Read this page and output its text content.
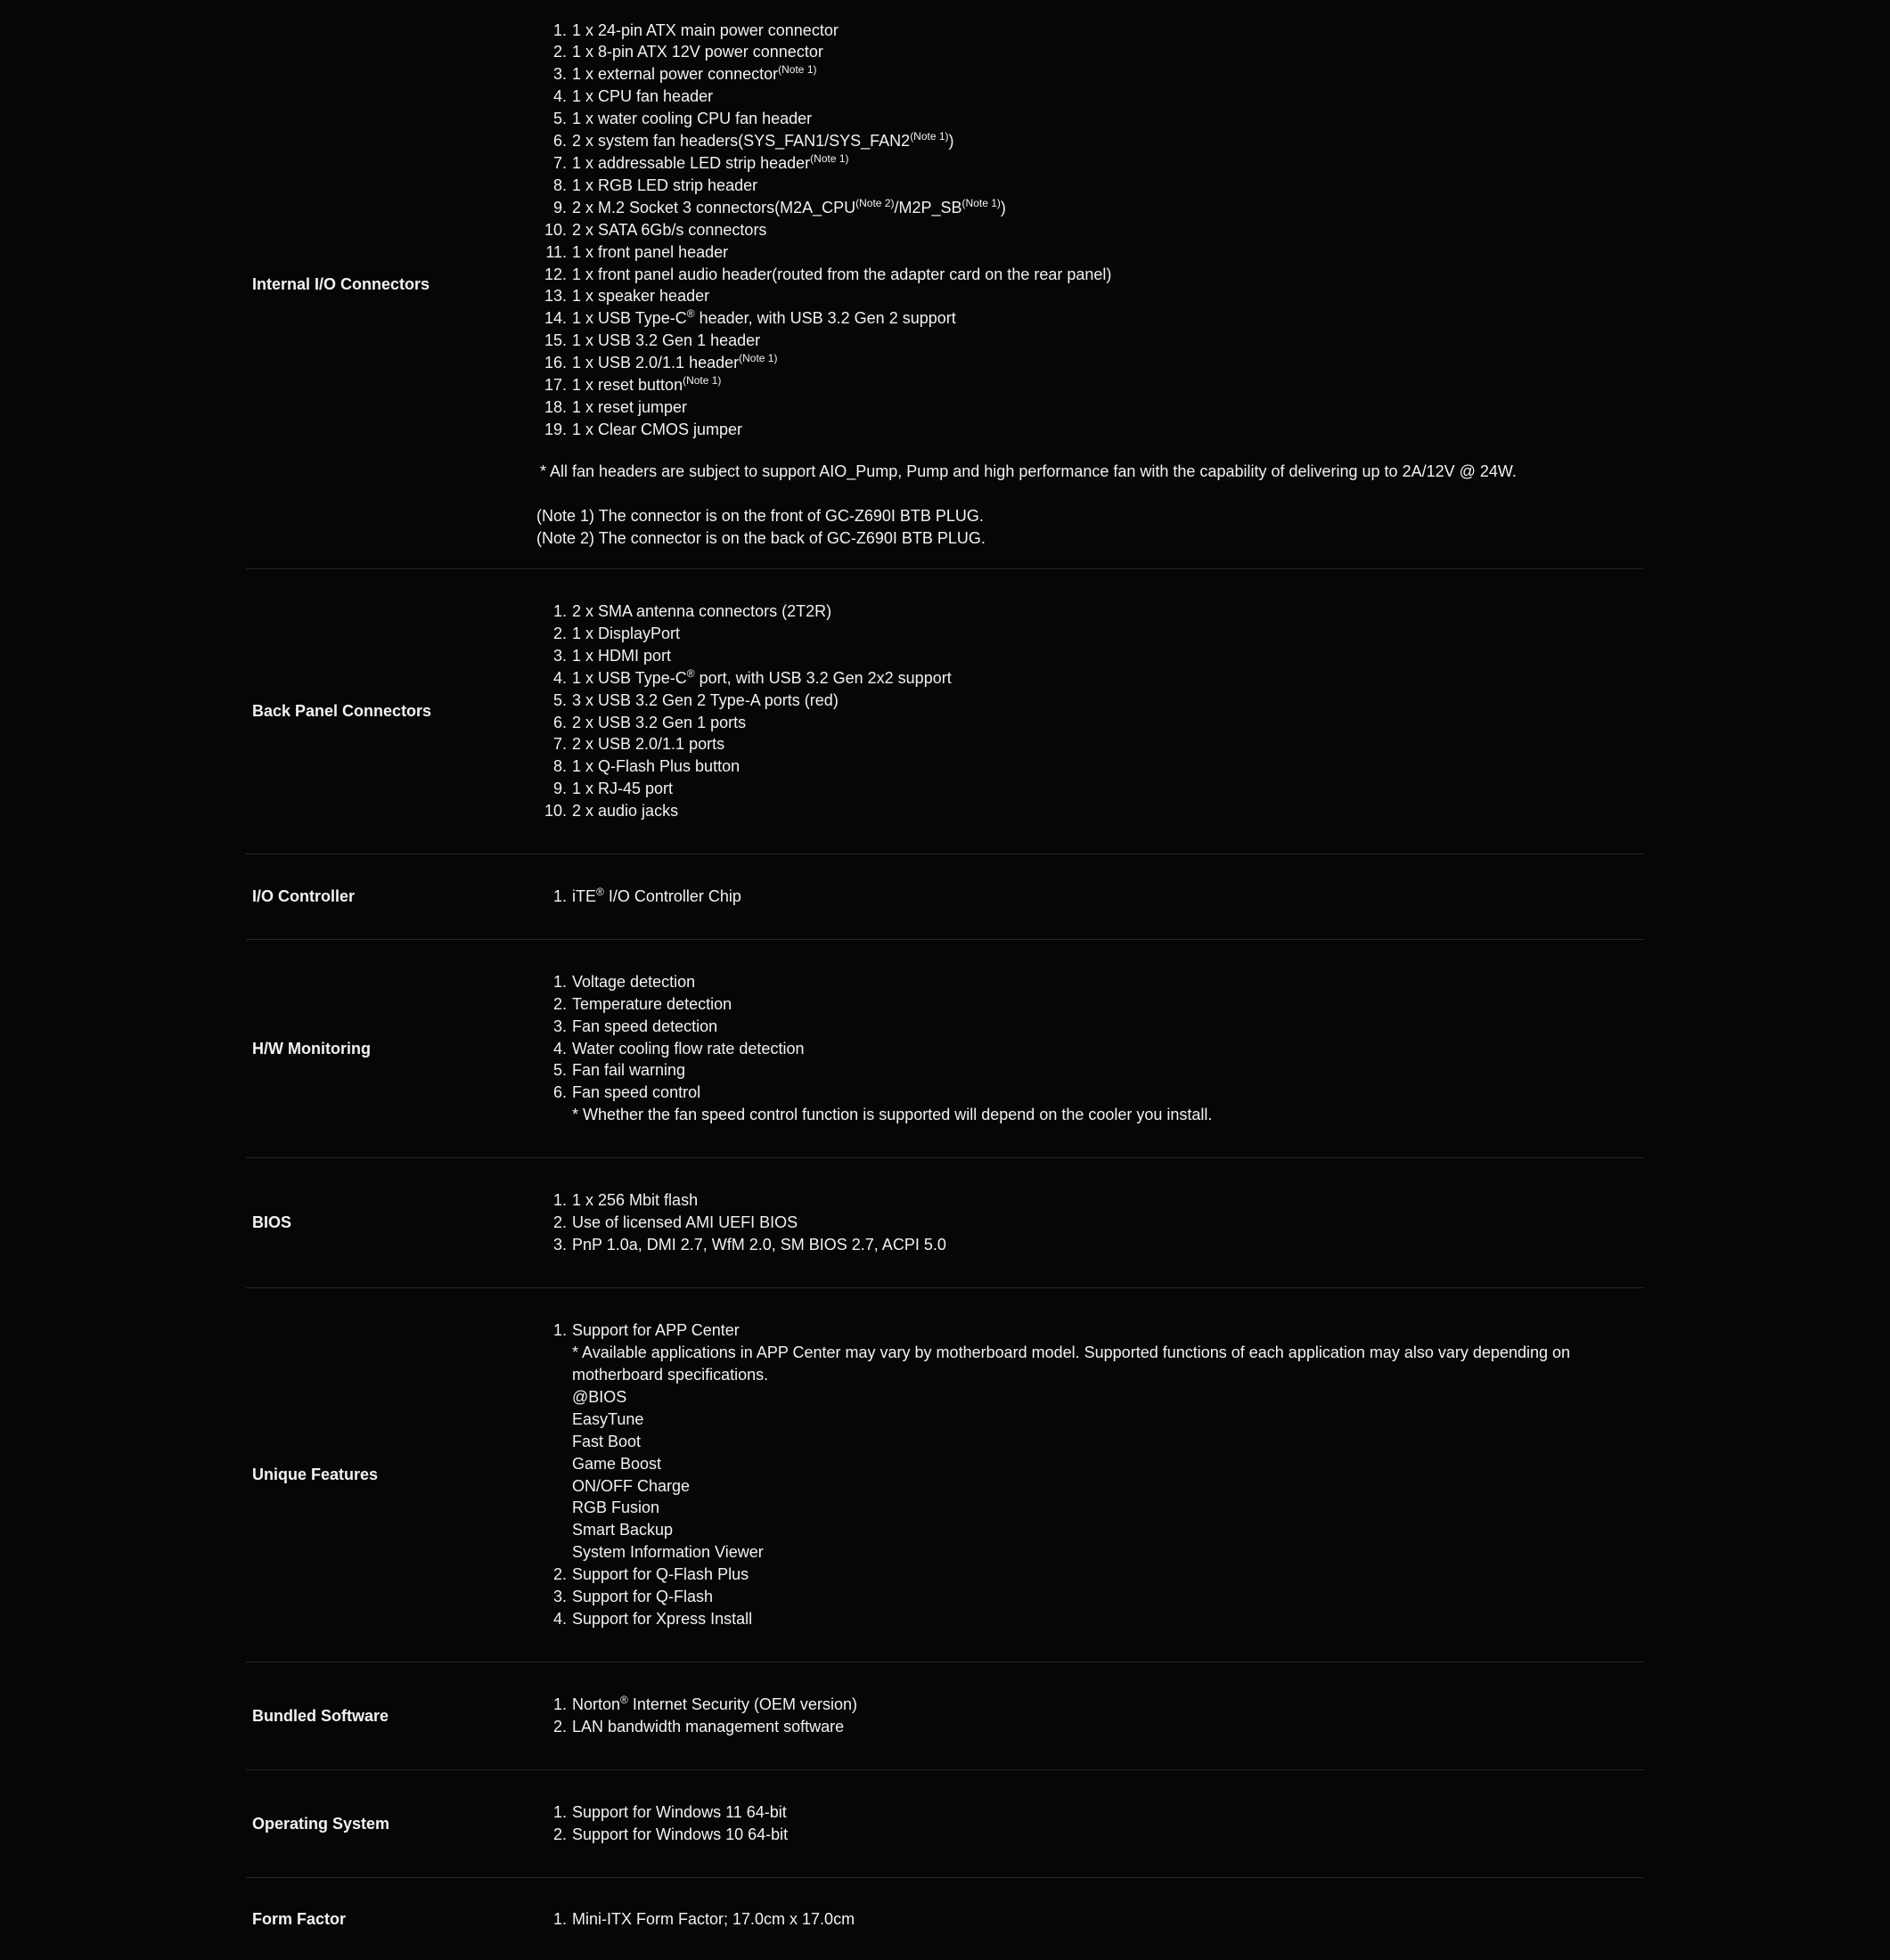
Internal I/O Connectors
1. 1 x 24-pin ATX main power connector
2. 1 x 8-pin ATX 12V power connector
3. 1 x external power connector$^{(Note 1)}$
4. 1 x CPU fan header
5. 1 x water cooling CPU fan header
6. 2 x system fan $headers(SYS\_FAN1/SYS\_FAN2^{(Note 1)})$
7. 1 x addressable LED strip header$^{(Note 1)}$
8. 1 x RGB LED strip header
9. 2 x M.2 Socket 3 $connectors(M2A\_CPU^{(Note 2)}/M2P\_SB^{(Note 1)})$
10. 2 x SATA 6Gb/s connectors
11. 1 x front panel header
12. 1 x front panel audio header(routed from the adapter card on the rear panel)
13. 1 x speaker header
14. 1 x USB Type-C® header, with USB 3.2 Gen 2 support
15. 1 x USB 3.2 Gen 1 header
16. 1 x USB 2.0/1.1 header$^{(Note 1)}$
17. 1 x reset button$^{(Note 1)}$
18. 1 x reset jumper
19. 1 x Clear CMOS jumper

* All fan headers are subject to support AIO_Pump, Pump and high performance fan with the capability of delivering up to 2A/12V @ 24W.

(Note 1) The connector is on the front of GC-Z690I BTB PLUG.

(Note 2) The connector is on the back of GC-Z690I BTB PLUG.

Back Panel Connectors
1. 2 x SMA antenna connectors (2T2R)
2. 1 x DisplayPort
3. 1 x HDMI port
4. 1 x USB Type-C® port, with USB 3.2 Gen 2x2 support
5. 3 x USB 3.2 Gen 2 Type-A ports (red)
6. 2 x USB 3.2 Gen 1 ports
7. 2 x USB 2.0/1.1 ports
8. 1 x Q-Flash Plus button
9. 1 x RJ-45 port
10. 2 x audio jacks
I/O Controller	1. iTE® I/O Controller Chip
H/W Monitoring
1. Voltage detection
2. Temperature detection
3. Fan speed detection
4. Water cooling flow rate detection
5. Fan fail warning
6. Fan speed control
* Whether the fan speed control function is supported will depend on the cooler you install.
BIOS
1. 1 x 256 Mbit flash
2. Use of licensed AMI UEFI BIOS
3. PnP 1.0a, DMI 2.7, WfM 2.0, SM BIOS 2.7, ACPI 5.0
Unique Features
1. Support for APP Center
* Available applications in APP Center may vary by motherboard model. Supported functions of each application may also vary depending on motherboard specifications.
@BIOS
EasyTune
Fast Boot
Game Boost
ON/OFF Charge
RGB Fusion
Smart Backup
System Information Viewer
2. Support for Q-Flash Plus
3. Support for Q-Flash
4. Support for Xpress Install
Bundled Software
1. Norton® Internet Security (OEM version)
2. LAN bandwidth management software
Operating System
1. Support for Windows 11 64-bit
2. Support for Windows 10 64-bit
Form Factor	1. Mini-ITX Form Factor; 17.0cm x 17.0cm
